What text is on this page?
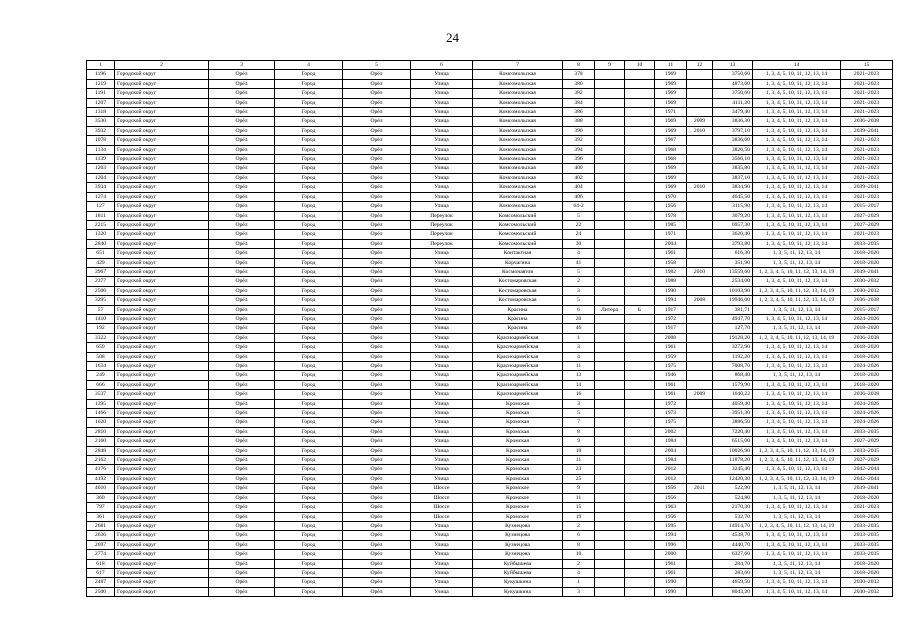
24
1	2	3	4	5	6	7	8	9	10	11	12	13	14	15
1196	Городской округ	Орёл	Город	Орёл	Улица	Комсомольская	378			1969		3750,60	1, 3, 4, 5, 10, 11, 12, 13, 14	2021–2023
1219	Городской округ	Орёл	Город	Орёл	Улица	Комсомольская	380			1969		4873,60	1, 3, 4, 5, 10, 11, 12, 13, 14	2021–2023
1191	Городской округ	Орёл	Город	Орёл	Улица	Комсомольская	382			1969		3750,60	1, 3, 4, 5, 10, 11, 12, 13, 14	2021–2023
1207	Городской округ	Орёл	Город	Орёл	Улица	Комсомольская	384			1969		4111,20	1, 3, 4, 5, 10, 11, 12, 13, 14	2021–2023
1318	Городской округ	Орёл	Город	Орёл	Улица	Комсомольская	386			1971		3479,40	1, 3, 4, 5, 10, 11, 12, 13, 14	2021–2023
3530	Городской округ	Орёл	Город	Орёл	Улица	Комсомольская	388			1969	2009	3836,30	1, 3, 4, 5, 10, 11, 12, 13, 14	2036–2038
3932	Городской округ	Орёл	Город	Орёл	Улица	Комсомольская	390			1969	2010	3797,10	1, 3, 4, 5, 10, 11, 12, 13, 14	2039–2041
1078	Городской округ	Орёл	Город	Орёл	Улица	Комсомольская	392			1967		3836,60	1, 3, 4, 5, 10, 11, 12, 13, 14	2021–2023
1134	Городской округ	Орёл	Город	Орёл	Улица	Комсомольская	394			1968		3826,50	1, 3, 4, 5, 10, 11, 12, 13, 14	2021–2023
1139	Городской округ	Орёл	Город	Орёл	Улица	Комсомольская	396			1968		3566,10	1, 3, 4, 5, 10, 11, 12, 13, 14	2021–2023
1203	Городской округ	Орёл	Город	Орёл	Улица	Комсомольская	400			1969		3835,80	1, 3, 4, 5, 10, 11, 12, 13, 14	2021–2023
1204	Городской округ	Орёл	Город	Орёл	Улица	Комсомольская	402			1969		3837,10	1, 3, 4, 5, 10, 11, 12, 13, 14	2021–2023
3934	Городской округ	Орёл	Город	Орёл	Улица	Комсомольская	404			1969	2010	3834,90	1, 3, 4, 5, 10, 11, 12, 13, 14	2039–2041
1274	Городской округ	Орёл	Город	Орёл	Улица	Комсомольская	406			1970		4645,50	1, 3, 4, 5, 10, 11, 12, 13, 14	2021–2023
127	Городской округ	Орёл	Город	Орёл	Улица	Комсомольская	64-2			1956		3115,90	1, 3, 4, 5, 10, 11, 12, 13, 14	2015–2017
1811	Городской округ	Орёл	Город	Орёл	Переулок	Комсомольский	5			1978		3079,20	1, 3, 4, 5, 10, 11, 12, 13, 14	2027–2029
2215	Городской округ	Орёл	Город	Орёл	Переулок	Комсомольский	22			1985		6957,30	1, 3, 4, 5, 10, 11, 12, 13, 14	2027–2029
1320	Городской округ	Орёл	Город	Орёл	Переулок	Комсомольский	24			1971		3620,40	1, 3, 4, 5, 10, 11, 12, 13, 14	2021–2023
2840	Городской округ	Орёл	Город	Орёл	Переулок	Комсомольский	30			2004		3793,80	1, 3, 4, 5, 10, 11, 12, 13, 14	2033–2035
651	Городской округ	Орёл	Город	Орёл	Улица	Контактная	4			1961		616,30	1, 3, 5, 11, 12, 13, 14	2018–2020
429	Городской округ	Орёл	Город	Орёл	Улица	Корчагина	41			1958		351,90	1, 3, 5, 11, 12, 13, 14	2018–2020
3967	Городской округ	Орёл	Город	Орёл	Улица	Космонавтов	5			1982	2010	13559,60	1, 2, 3, 4, 5, 10, 11, 12, 13, 14, 19	2039–2041
2377	Городской округ	Орёл	Город	Орёл	Улица	Костомаровская	2			1988		2534,00	1, 3, 4, 5, 10, 11, 12, 13, 14	2030–2032
2506	Городской округ	Орёл	Город	Орёл	Улица	Костомаровская	3			1990		10103,90	1, 2, 3, 4, 5, 10, 11, 12, 13, 14, 19	2030–2032
3295	Городской округ	Орёл	Город	Орёл	Улица	Костомаровская	5			1994	2008	19946,00	1, 2, 3, 4, 5, 10, 11, 12, 13, 14, 19	2036–2038
57	Городской округ	Орёл	Город	Орёл	Улица	Красина	6	Литера	Б	1917		381,71	1, 3, 5, 11, 12, 13, 14	2015–2017
1410	Городской округ	Орёл	Город	Орёл	Улица	Красина	20			1972		4947,70	1, 3, 4, 5, 10, 11, 12, 13, 14	2024–2026
192	Городской округ	Орёл	Город	Орёл	Улица	Красина	46			1917		127,70	1, 3, 5, 11, 12, 13, 14	2018–2020
3322	Городской округ	Орёл	Город	Орёл	Улица	Красноармейская	1			2008		19128,20	1, 2, 3, 4, 5, 10, 11, 12, 13, 14, 19	2036–2038
659	Городской округ	Орёл	Город	Орёл	Улица	Красноармейская	3			1961		3272,90	1, 3, 4, 5, 10, 11, 12, 13, 14	2018–2020
508	Городской округ	Орёл	Город	Орёл	Улица	Красноармейская	4			1959		1192,20	1, 3, 4, 5, 10, 11, 12, 13, 14	2018–2020
1634	Городской округ	Орёл	Город	Орёл	Улица	Красноармейская	11			1975		7008,70	1, 3, 4, 5, 10, 11, 12, 13, 14	2024–2026
249	Городской округ	Орёл	Город	Орёл	Улица	Красноармейская	13			1946		868,40	1, 3, 5, 11, 12, 13, 14	2018–2020
666	Городской округ	Орёл	Город	Орёл	Улица	Красноармейская	14			1961		1579,90	1, 3, 4, 5, 10, 11, 12, 13, 14	2018–2020
3537	Городской округ	Орёл	Город	Орёл	Улица	Красноармейская	16			1961	2009	1640,22	1, 3, 4, 5, 10, 11, 12, 13, 14	2036–2038
1395	Городской округ	Орёл	Город	Орёл	Улица	Кромская	3			1972		4059,40	1, 3, 4, 5, 10, 11, 12, 13, 14	2024–2026
1466	Городской округ	Орёл	Город	Орёл	Улица	Кромская	5			1973		3951,30	1, 3, 4, 5, 10, 11, 12, 13, 14	2024–2026
1620	Городской округ	Орёл	Город	Орёл	Улица	Кромская	7			1975		3886,50	1, 3, 4, 5, 10, 11, 12, 13, 14	2024–2026
2810	Городской округ	Орёл	Город	Орёл	Улица	Кромская	8			2002		7220,40	1, 3, 4, 5, 10, 11, 12, 13, 14	2033–2035
2160	Городской округ	Орёл	Город	Орёл	Улица	Кромская	9			1984		6515,00	1, 3, 4, 5, 10, 11, 12, 13, 14	2027–2029
2848	Городской округ	Орёл	Город	Орёл	Улица	Кромская	10			2004		10026,90	1, 2, 3, 4, 5, 10, 11, 12, 13, 14, 19	2033–2035
2162	Городской округ	Орёл	Город	Орёл	Улица	Кромская	11			1984		11878,20	1, 2, 3, 4, 5, 10, 11, 12, 13, 14, 19	2027–2029
4176	Городской округ	Орёл	Город	Орёл	Улица	Кромская	23			2012		3245,40	1, 3, 4, 5, 10, 11, 12, 13, 14	2042–2044
4192	Городской округ	Орёл	Город	Орёл	Улица	Кромская	25			2012		12420,30	1, 2, 3, 4, 5, 10, 11, 12, 13, 14, 19	2042–2044
4010	Городской округ	Орёл	Город	Орёл	Шоссе	Кромское	9			1956	2011	522,90	1, 3, 5, 11, 12, 13, 14	2039–2041
360	Городской округ	Орёл	Город	Орёл	Шоссе	Кромское	11			1956		524,80	1, 3, 5, 11, 12, 13, 14	2018–2020
797	Городской округ	Орёл	Город	Орёл	Шоссе	Кромское	15			1963		2170,30	1, 3, 4, 5, 10, 11, 12, 13, 14	2021–2023
361	Городской округ	Орёл	Город	Орёл	Шоссе	Кромское	19			1956		532,70	1, 3, 5, 11, 12, 13, 14	2018–2020
2681	Городской округ	Орёл	Город	Орёл	Улица	Кузнецова	2			1995		14914,70	1, 2, 3, 4, 5, 10, 11, 12, 13, 14, 19	2033–2035
2636	Городской округ	Орёл	Город	Орёл	Улица	Кузнецова	6			1994		4538,70	1, 3, 4, 5, 10, 11, 12, 13, 14	2033–2035
2697	Городской округ	Орёл	Город	Орёл	Улица	Кузнецова	8			1996		4440,70	1, 3, 4, 5, 10, 11, 12, 13, 14	2033–2035
2774	Городской округ	Орёл	Город	Орёл	Улица	Кузнецова	10			2000		6327,60	1, 3, 4, 5, 10, 11, 12, 13, 14	2033–2035
618	Городской округ	Орёл	Город	Орёл	Улица	Куйбышева	2			1961		284,70	1, 3, 5, 11, 12, 13, 14	2018–2020
617	Городской округ	Орёл	Город	Орёл	Улица	Куйбышева	4			1961		283,60	1, 3, 5, 11, 12, 13, 14	2018–2020
2487	Городской округ	Орёл	Город	Орёл	Улица	Кукушкина	1			1990		4659,50	1, 3, 4, 5, 10, 11, 12, 13, 14	2030–2032
2500	Городской округ	Орёл	Город	Орёл	Улица	Кукушкина	3			1990		8043,20	1, 3, 4, 5, 10, 11, 12, 13, 14	2030–2032
